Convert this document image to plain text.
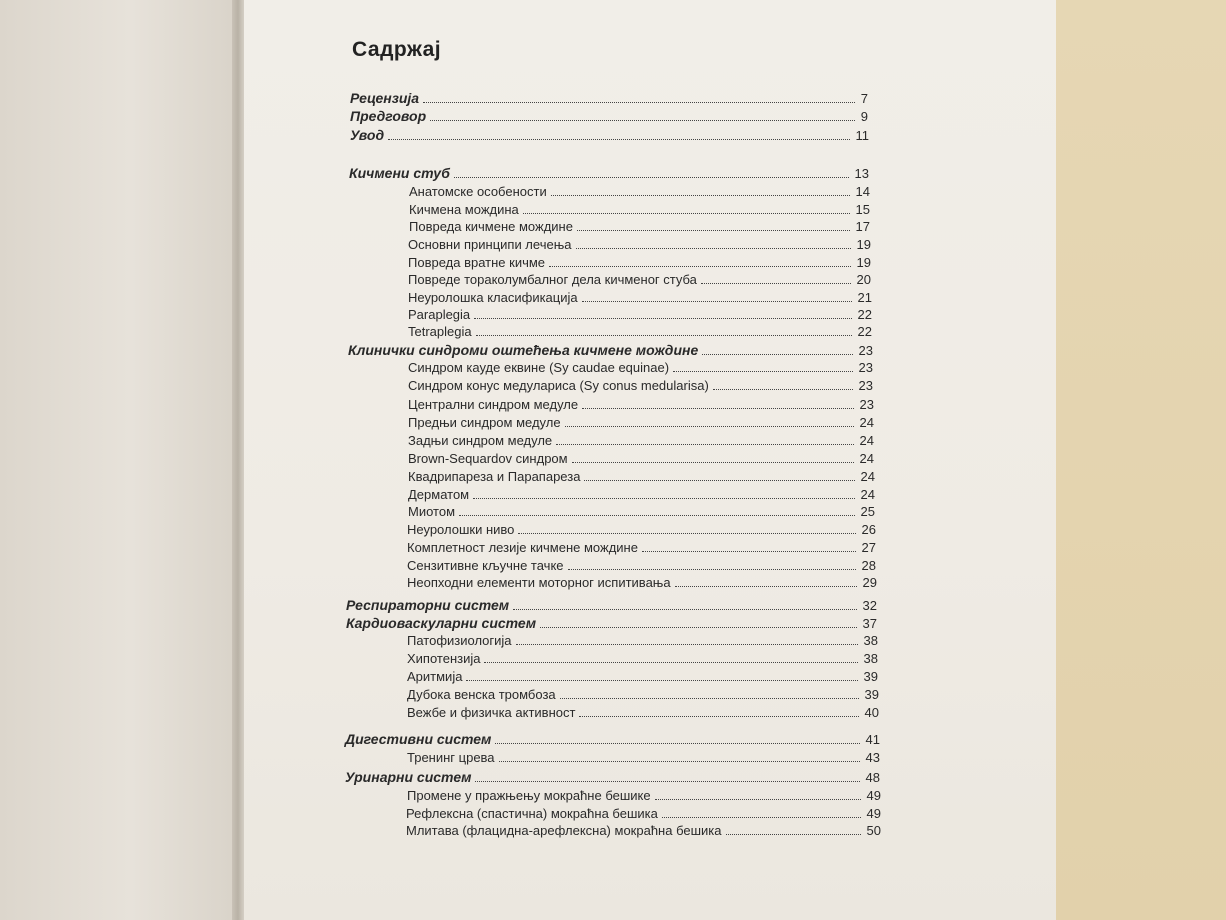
Садржај
Рецензија	7
Предговор	9
Увод	11
Кичмени стуб	13
Анатомске особености	14
Кичмена мождина	15
Повреда кичмене мождине	17
Основни принципи лечења	19
Повреда вратне кичме	19
Повреде тораколумбалног дела кичменог стуба	20
Неуролошка класификација	21
Paraplegia	22
Tetraplegia	22
Клинички синдроми оштећења кичмене мождине	23
Синдром кауде еквине (Sy caudae equinae)	23
Синдром конус медулариса (Sy conus medularisa)	23
Централни синдром медуле	23
Предњи синдром медуле	24
Задњи синдром медуле	24
Brown-Sequardov синдром	24
Квадрипареза и Парапареза	24
Дерматом	24
Миотом	25
Неуролошки ниво	26
Комплетност лезије кичмене мождине	27
Сензитивне кључне тачке	28
Неопходни елементи моторног испитивања	29
Респираторни систем	32
Кардиоваскуларни систем	37
Патофизиологија	38
Хипотензија	38
Аритмија	39
Дубока венска тромбоза	39
Вежбе и физичка активност	40
Дигестивни систем	41
Тренинг црева	43
Уринарни систем	48
Промене у пражњењу мокраћне бешике	49
Рефлексна (спастична) мокраћна бешика	49
Млитава (флацидна-арефлексна) мокраћна бешика	50
